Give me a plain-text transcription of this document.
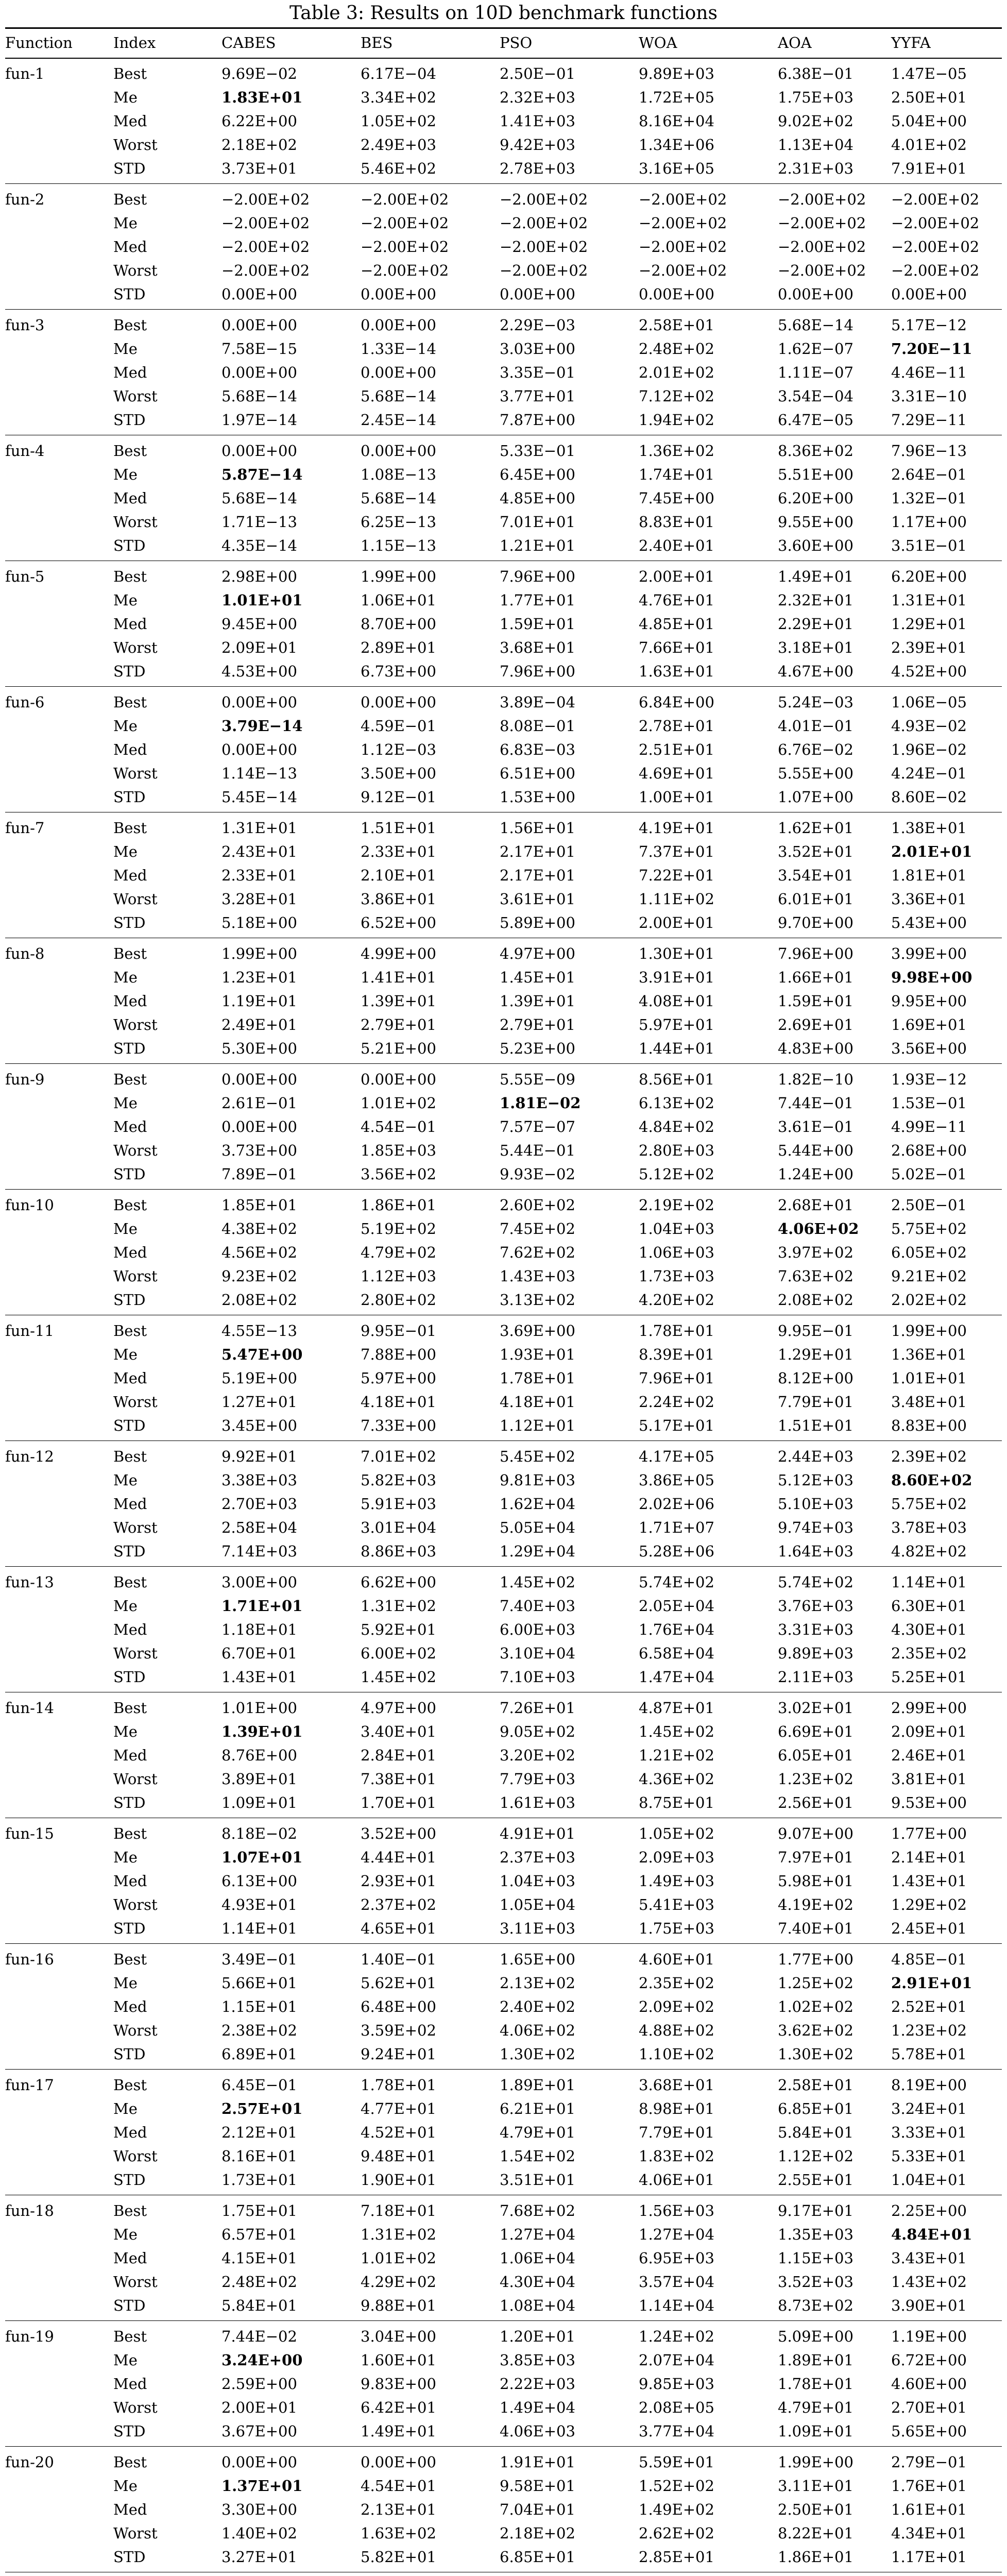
Table 3: Results on 10D benchmark functions
Function	Index	CABES	BES	PSO	WOA	AOA	YYFA
fun-1	Best	9.69E−02	6.17E−04	2.50E−01	9.89E+03	6.38E−01	1.47E−05
Me	1.83E+01	3.34E+02	2.32E+03	1.72E+05	1.75E+03	2.50E+01
Med	6.22E+00	1.05E+02	1.41E+03	8.16E+04	9.02E+02	5.04E+00
Worst	2.18E+02	2.49E+03	9.42E+03	1.34E+06	1.13E+04	4.01E+02
STD	3.73E+01	5.46E+02	2.78E+03	3.16E+05	2.31E+03	7.91E+01
fun-2	Best	−2.00E+02	−2.00E+02	−2.00E+02	−2.00E+02	−2.00E+02 −2.00E+02
Me	−2.00E+02	−2.00E+02	−2.00E+02	−2.00E+02	−2.00E+02 −2.00E+02
Med	−2.00E+02	−2.00E+02	−2.00E+02	−2.00E+02	−2.00E+02 −2.00E+02
Worst	−2.00E+02	−2.00E+02	−2.00E+02	−2.00E+02	−2.00E+02 −2.00E+02
STD	0.00E+00	0.00E+00	0.00E+00	0.00E+00	0.00E+00	0.00E+00
fun-3	Best	0.00E+00	0.00E+00	2.29E−03	2.58E+01	5.68E−14	5.17E−12
Me	7.58E−15	1.33E−14	3.03E+00	2.48E+02	1.62E−07	7.20E−11
Med	0.00E+00	0.00E+00	3.35E−01	2.01E+02	1.11E−07	4.46E−11
Worst	5.68E−14	5.68E−14	3.77E+01	7.12E+02	3.54E−04	3.31E−10
STD	1.97E−14	2.45E−14	7.87E+00	1.94E+02	6.47E−05	7.29E−11
fun-4	Best	0.00E+00	0.00E+00	5.33E−01	1.36E+02	8.36E+02	7.96E−13
Me	5.87E−14	1.08E−13	6.45E+00	1.74E+01	5.51E+00	2.64E−01
Med	5.68E−14	5.68E−14	4.85E+00	7.45E+00	6.20E+00	1.32E−01
Worst	1.71E−13	6.25E−13	7.01E+01	8.83E+01	9.55E+00	1.17E+00
STD	4.35E−14	1.15E−13	1.21E+01	2.40E+01	3.60E+00	3.51E−01
fun-5	Best	2.98E+00	1.99E+00	7.96E+00	2.00E+01	1.49E+01	6.20E+00
Me	1.01E+01	1.06E+01	1.77E+01	4.76E+01	2.32E+01	1.31E+01
Med	9.45E+00	8.70E+00	1.59E+01	4.85E+01	2.29E+01	1.29E+01
Worst	2.09E+01	2.89E+01	3.68E+01	7.66E+01	3.18E+01	2.39E+01
STD	4.53E+00	6.73E+00	7.96E+00	1.63E+01	4.67E+00	4.52E+00
fun-6	Best	0.00E+00	0.00E+00	3.89E−04	6.84E+00	5.24E−03	1.06E−05
Me	3.79E−14	4.59E−01	8.08E−01	2.78E+01	4.01E−01	4.93E−02
Med	0.00E+00	1.12E−03	6.83E−03	2.51E+01	6.76E−02	1.96E−02
Worst	1.14E−13	3.50E+00	6.51E+00	4.69E+01	5.55E+00	4.24E−01
STD	5.45E−14	9.12E−01	1.53E+00	1.00E+01	1.07E+00	8.60E−02
fun-7	Best	1.31E+01	1.51E+01	1.56E+01	4.19E+01	1.62E+01	1.38E+01
Me	2.43E+01	2.33E+01	2.17E+01	7.37E+01	3.52E+01	2.01E+01
Med	2.33E+01	2.10E+01	2.17E+01	7.22E+01	3.54E+01	1.81E+01
Worst	3.28E+01	3.86E+01	3.61E+01	1.11E+02	6.01E+01	3.36E+01
STD	5.18E+00	6.52E+00	5.89E+00	2.00E+01	9.70E+00	5.43E+00
fun-8	Best	1.99E+00	4.99E+00	4.97E+00	1.30E+01	7.96E+00	3.99E+00
Me	1.23E+01	1.41E+01	1.45E+01	3.91E+01	1.66E+01	9.98E+00
Med	1.19E+01	1.39E+01	1.39E+01	4.08E+01	1.59E+01	9.95E+00
Worst	2.49E+01	2.79E+01	2.79E+01	5.97E+01	2.69E+01	1.69E+01
STD	5.30E+00	5.21E+00	5.23E+00	1.44E+01	4.83E+00	3.56E+00
fun-9	Best	0.00E+00	0.00E+00	5.55E−09	8.56E+01	1.82E−10	1.93E−12
Me	2.61E−01	1.01E+02	1.81E−02	6.13E+02	7.44E−01	1.53E−01
Med	0.00E+00	4.54E−01	7.57E−07	4.84E+02	3.61E−01	4.99E−11
Worst	3.73E+00	1.85E+03	5.44E−01	2.80E+03	5.44E+00	2.68E+00
STD	7.89E−01	3.56E+02	9.93E−02	5.12E+02	1.24E+00	5.02E−01
fun-10	Best	1.85E+01	1.86E+01	2.60E+02	2.19E+02	2.68E+01	2.50E−01
Me	4.38E+02	5.19E+02	7.45E+02	1.04E+03	4.06E+02 5.75E+02
Med	4.56E+02	4.79E+02	7.62E+02	1.06E+03	3.97E+02	6.05E+02
Worst	9.23E+02	1.12E+03	1.43E+03	1.73E+03	7.63E+02	9.21E+02
STD	2.08E+02	2.80E+02	3.13E+02	4.20E+02	2.08E+02	2.02E+02
fun-11	Best	4.55E−13	9.95E−01	3.69E+00	1.78E+01	9.95E−01	1.99E+00
Me	5.47E+00	7.88E+00	1.93E+01	8.39E+01	1.29E+01	1.36E+01
Med	5.19E+00	5.97E+00	1.78E+01	7.96E+01	8.12E+00	1.01E+01
Worst	1.27E+01	4.18E+01	4.18E+01	2.24E+02	7.79E+01	3.48E+01
STD	3.45E+00	7.33E+00	1.12E+01	5.17E+01	1.51E+01	8.83E+00
fun-12	Best	9.92E+01	7.01E+02	5.45E+02	4.17E+05	2.44E+03	2.39E+02
Me	3.38E+03	5.82E+03	9.81E+03	3.86E+05	5.12E+03	8.60E+02
Med	2.70E+03	5.91E+03	1.62E+04	2.02E+06	5.10E+03	5.75E+02
Worst	2.58E+04	3.01E+04	5.05E+04	1.71E+07	9.74E+03	3.78E+03
STD	7.14E+03	8.86E+03	1.29E+04	5.28E+06	1.64E+03	4.82E+02
fun-13	Best	3.00E+00	6.62E+00	1.45E+02	5.74E+02	5.74E+02	1.14E+01
Me	1.71E+01	1.31E+02	7.40E+03	2.05E+04	3.76E+03	6.30E+01
Med	1.18E+01	5.92E+01	6.00E+03	1.76E+04	3.31E+03	4.30E+01
Worst	6.70E+01	6.00E+02	3.10E+04	6.58E+04	9.89E+03	2.35E+02
STD	1.43E+01	1.45E+02	7.10E+03	1.47E+04	2.11E+03	5.25E+01
fun-14	Best	1.01E+00	4.97E+00	7.26E+01	4.87E+01	3.02E+01	2.99E+00
Me	1.39E+01	3.40E+01	9.05E+02	1.45E+02	6.69E+01	2.09E+01
Med	8.76E+00	2.84E+01	3.20E+02	1.21E+02	6.05E+01	2.46E+01
Worst	3.89E+01	7.38E+01	7.79E+03	4.36E+02	1.23E+02	3.81E+01
STD	1.09E+01	1.70E+01	1.61E+03	8.75E+01	2.56E+01	9.53E+00
fun-15	Best	8.18E−02	3.52E+00	4.91E+01	1.05E+02	9.07E+00	1.77E+00
Me	1.07E+01	4.44E+01	2.37E+03	2.09E+03	7.97E+01	2.14E+01
Med	6.13E+00	2.93E+01	1.04E+03	1.49E+03	5.98E+01	1.43E+01
Worst	4.93E+01	2.37E+02	1.05E+04	5.41E+03	4.19E+02	1.29E+02
STD	1.14E+01	4.65E+01	3.11E+03	1.75E+03	7.40E+01	2.45E+01
fun-16	Best	3.49E−01	1.40E−01	1.65E+00	4.60E+01	1.77E+00	4.85E−01
Me	5.66E+01	5.62E+01	2.13E+02	2.35E+02	1.25E+02	2.91E+01
Med	1.15E+01	6.48E+00	2.40E+02	2.09E+02	1.02E+02	2.52E+01
Worst	2.38E+02	3.59E+02	4.06E+02	4.88E+02	3.62E+02	1.23E+02
STD	6.89E+01	9.24E+01	1.30E+02	1.10E+02	1.30E+02	5.78E+01
fun-17	Best	6.45E−01	1.78E+01	1.89E+01	3.68E+01	2.58E+01	8.19E+00
Me	2.57E+01	4.77E+01	6.21E+01	8.98E+01	6.85E+01	3.24E+01
Med	2.12E+01	4.52E+01	4.79E+01	7.79E+01	5.84E+01	3.33E+01
Worst	8.16E+01	9.48E+01	1.54E+02	1.83E+02	1.12E+02	5.33E+01
STD	1.73E+01	1.90E+01	3.51E+01	4.06E+01	2.55E+01	1.04E+01
fun-18	Best	1.75E+01	7.18E+01	7.68E+02	1.56E+03	9.17E+01	2.25E+00
Me	6.57E+01	1.31E+02	1.27E+04	1.27E+04	1.35E+03	4.84E+01
Med	4.15E+01	1.01E+02	1.06E+04	6.95E+03	1.15E+03	3.43E+01
Worst	2.48E+02	4.29E+02	4.30E+04	3.57E+04	3.52E+03	1.43E+02
STD	5.84E+01	9.88E+01	1.08E+04	1.14E+04	8.73E+02	3.90E+01
fun-19	Best	7.44E−02	3.04E+00	1.20E+01	1.24E+02	5.09E+00	1.19E+00
Me	3.24E+00	1.60E+01	3.85E+03	2.07E+04	1.89E+01	6.72E+00
Med	2.59E+00	9.83E+00	2.22E+03	9.85E+03	1.78E+01	4.60E+00
Worst	2.00E+01	6.42E+01	1.49E+04	2.08E+05	4.79E+01	2.70E+01
STD	3.67E+00	1.49E+01	4.06E+03	3.77E+04	1.09E+01	5.65E+00
fun-20	Best	0.00E+00	0.00E+00	1.91E+01	5.59E+01	1.99E+00	2.79E−01
Me	1.37E+01	4.54E+01	9.58E+01	1.52E+02	3.11E+01	1.76E+01
Med	3.30E+00	2.13E+01	7.04E+01	1.49E+02	2.50E+01	1.61E+01
Worst	1.40E+02	1.63E+02	2.18E+02	2.62E+02	8.22E+01	4.34E+01
STD	3.27E+01	5.82E+01	6.85E+01	2.85E+01	1.86E+01	1.17E+01
